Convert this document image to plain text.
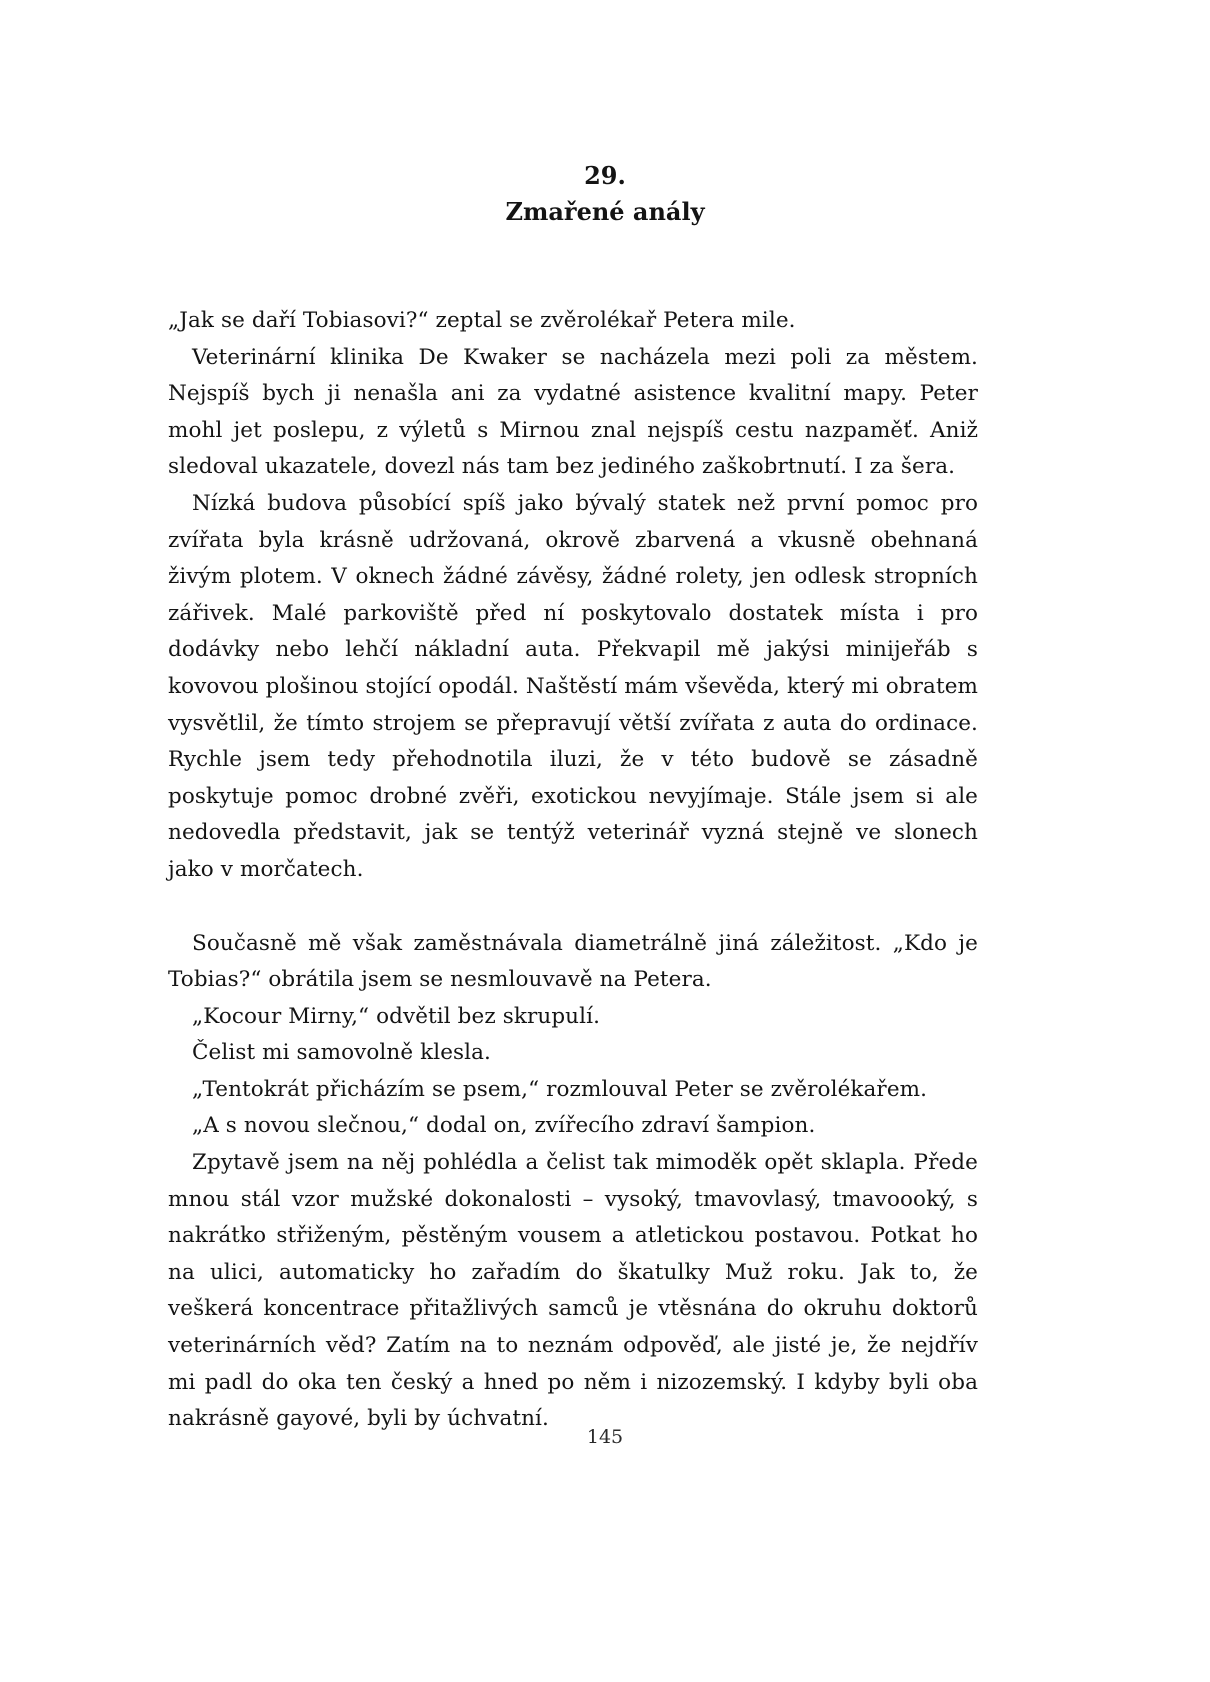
29.
Zmařené anály

„Jak se daří Tobiasovi?“ zeptal se zvěrolékař Petera mile.

Veterinární klinika De Kwaker se nacházela mezi poli za městem. Nejspíš bych ji nenašla ani za vydatné asistence kvalitní mapy. Peter mohl jet poslepu, z výletů s Mirnou znal nejspíš cestu nazpaměť. Aniž sledoval ukazatele, dovezl nás tam bez jediného zaškobrtnutí. I za šera.

Nízká budova působící spíš jako bývalý statek než první pomoc pro zvířata byla krásně udržovaná, okrově zbarvená a vkusně obehnaná živým plotem. V oknech žádné závěsy, žádné rolety, jen odlesk stropních zářivek. Malé parkoviště před ní poskytovalo dostatek místa i pro dodávky nebo lehčí nákladní auta. Překvapil mě jakýsi minijeřáb s kovovou plošinou stojící opodál. Naštěstí mám vševěda, který mi obratem vysvětlil, že tímto strojem se přepravují větší zvířata z auta do ordinace. Rychle jsem tedy přehodnotila iluzi, že v této budově se zásadně poskytuje pomoc drobné zvěři, exotickou nevyjímaje. Stále jsem si ale nedovedla představit, jak se tentýž veterinář vyzná stejně ve slonech jako v morčatech.

Současně mě však zaměstnávala diametrálně jiná záležitost. „Kdo je Tobias?“ obrátila jsem se nesmlouvavě na Petera.

„Kocour Mirny,“ odvětil bez skrupulí.

Čelist mi samovolně klesla.

„Tentokrát přicházím se psem,“ rozmlouval Peter se zvěrolékařem.

„A s novou slečnou,“ dodal on, zvířecího zdraví šampion.

Zpytavě jsem na něj pohlédla a čelist tak mimoděk opět sklapla. Přede mnou stál vzor mužské dokonalosti – vysoký, tmavovlasý, tmavoooký, s nakrátko střiženým, pěstěným vousem a atletickou postavou. Potkat ho na ulici, automaticky ho zařadím do škatulky Muž roku. Jak to, že veškerá koncentrace přitažlivých samců je vtěsnána do okruhu doktorů veterinárních věd? Zatím na to neznám odpověď, ale jisté je, že nejdřív mi padl do oka ten český a hned po něm i nizozemský. I kdyby byli oba nakrásně gayové, byli by úchvatní.

145
